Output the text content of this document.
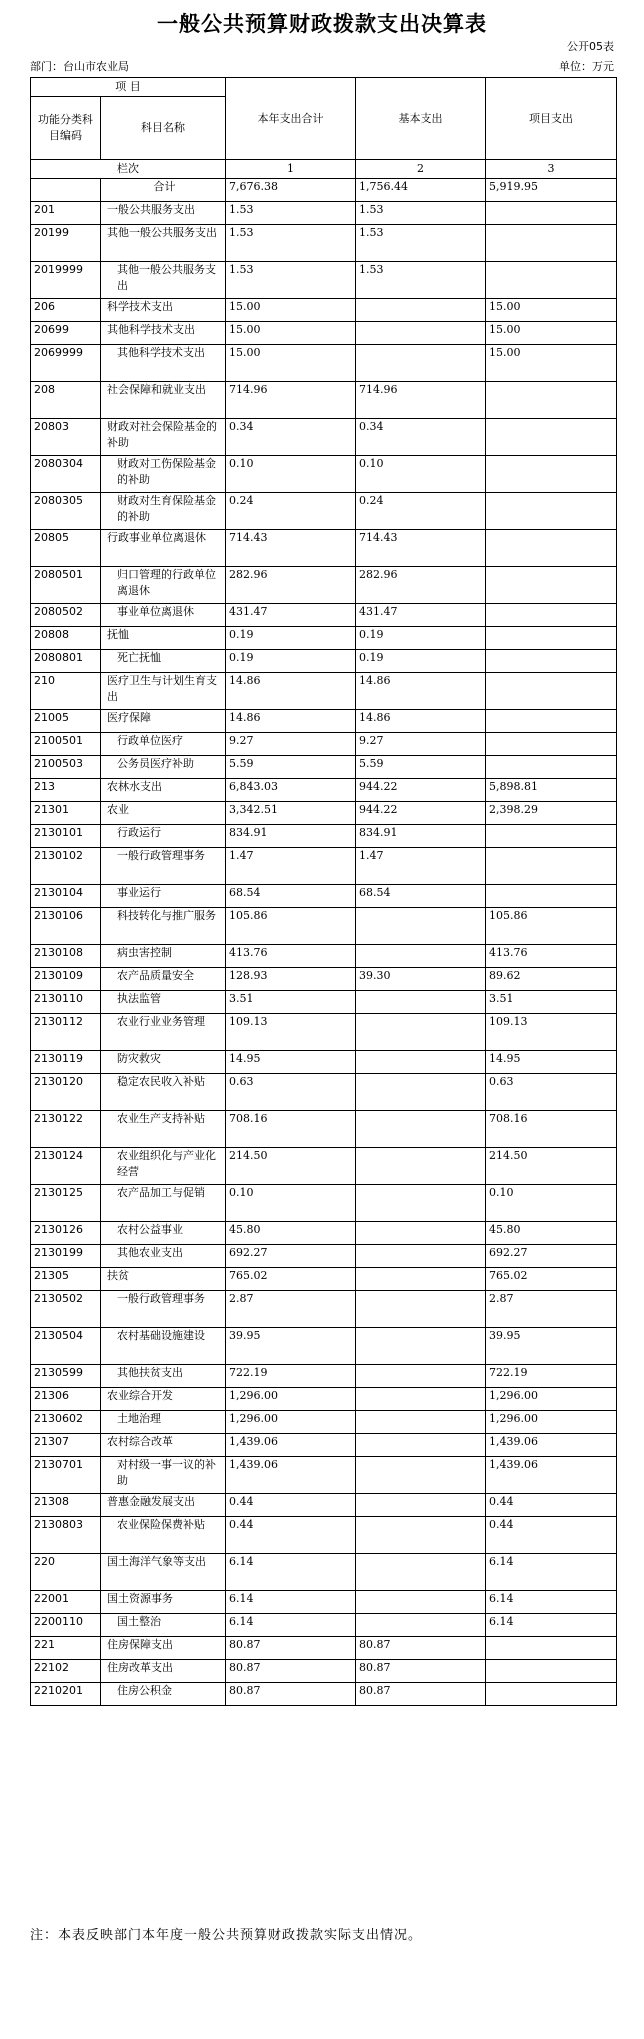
一般公共预算财政拨款支出决算表
公开05表
部门：台山市农业局	单位：万元
项 目		本年支出合计	基本支出	项目支出
功能分类科目编码	科目名称			
栏次		1	2	3
	合计	7,676.38	1,756.44	5,919.95
201	一般公共服务支出	1.53	1.53	
20199	其他一般公共服务支出	1.53	1.53	
2019999	其他一般公共服务支出	1.53	1.53	
206	科学技术支出	15.00		15.00
20699	其他科学技术支出	15.00		15.00
2069999	其他科学技术支出	15.00		15.00
208	社会保障和就业支出	714.96	714.96	
20803	财政对社会保险基金的补助	0.34	0.34	
2080304	财政对工伤保险基金的补助	0.10	0.10	
2080305	财政对生育保险基金的补助	0.24	0.24	
20805	行政事业单位离退休	714.43	714.43	
2080501	归口管理的行政单位离退休	282.96	282.96	
2080502	事业单位离退休	431.47	431.47	
20808	抚恤	0.19	0.19	
2080801	死亡抚恤	0.19	0.19	
210	医疗卫生与计划生育支出	14.86	14.86	
21005	医疗保障	14.86	14.86	
2100501	行政单位医疗	9.27	9.27	
2100503	公务员医疗补助	5.59	5.59	
213	农林水支出	6,843.03	944.22	5,898.81
21301	农业	3,342.51	944.22	2,398.29
2130101	行政运行	834.91	834.91	
2130102	一般行政管理事务	1.47	1.47	
2130104	事业运行	68.54	68.54	
2130106	科技转化与推广服务	105.86		105.86
2130108	病虫害控制	413.76		413.76
2130109	农产品质量安全	128.93	39.30	89.62
2130110	执法监管	3.51		3.51
2130112	农业行业业务管理	109.13		109.13
2130119	防灾救灾	14.95		14.95
2130120	稳定农民收入补贴	0.63		0.63
2130122	农业生产支持补贴	708.16		708.16
2130124	农业组织化与产业化经营	214.50		214.50
2130125	农产品加工与促销	0.10		0.10
2130126	农村公益事业	45.80		45.80
2130199	其他农业支出	692.27		692.27
21305	扶贫	765.02		765.02
2130502	一般行政管理事务	2.87		2.87
2130504	农村基础设施建设	39.95		39.95
2130599	其他扶贫支出	722.19		722.19
21306	农业综合开发	1,296.00		1,296.00
2130602	土地治理	1,296.00		1,296.00
21307	农村综合改革	1,439.06		1,439.06
2130701	对村级一事一议的补助	1,439.06		1,439.06
21308	普惠金融发展支出	0.44		0.44
2130803	农业保险保费补贴	0.44		0.44
220	国土海洋气象等支出	6.14		6.14
22001	国土资源事务	6.14		6.14
2200110	国土整治	6.14		6.14
221	住房保障支出	80.87	80.87	
22102	住房改革支出	80.87	80.87	
2210201	住房公积金	80.87	80.87	
注：本表反映部门本年度一般公共预算财政拨款实际支出情况。
